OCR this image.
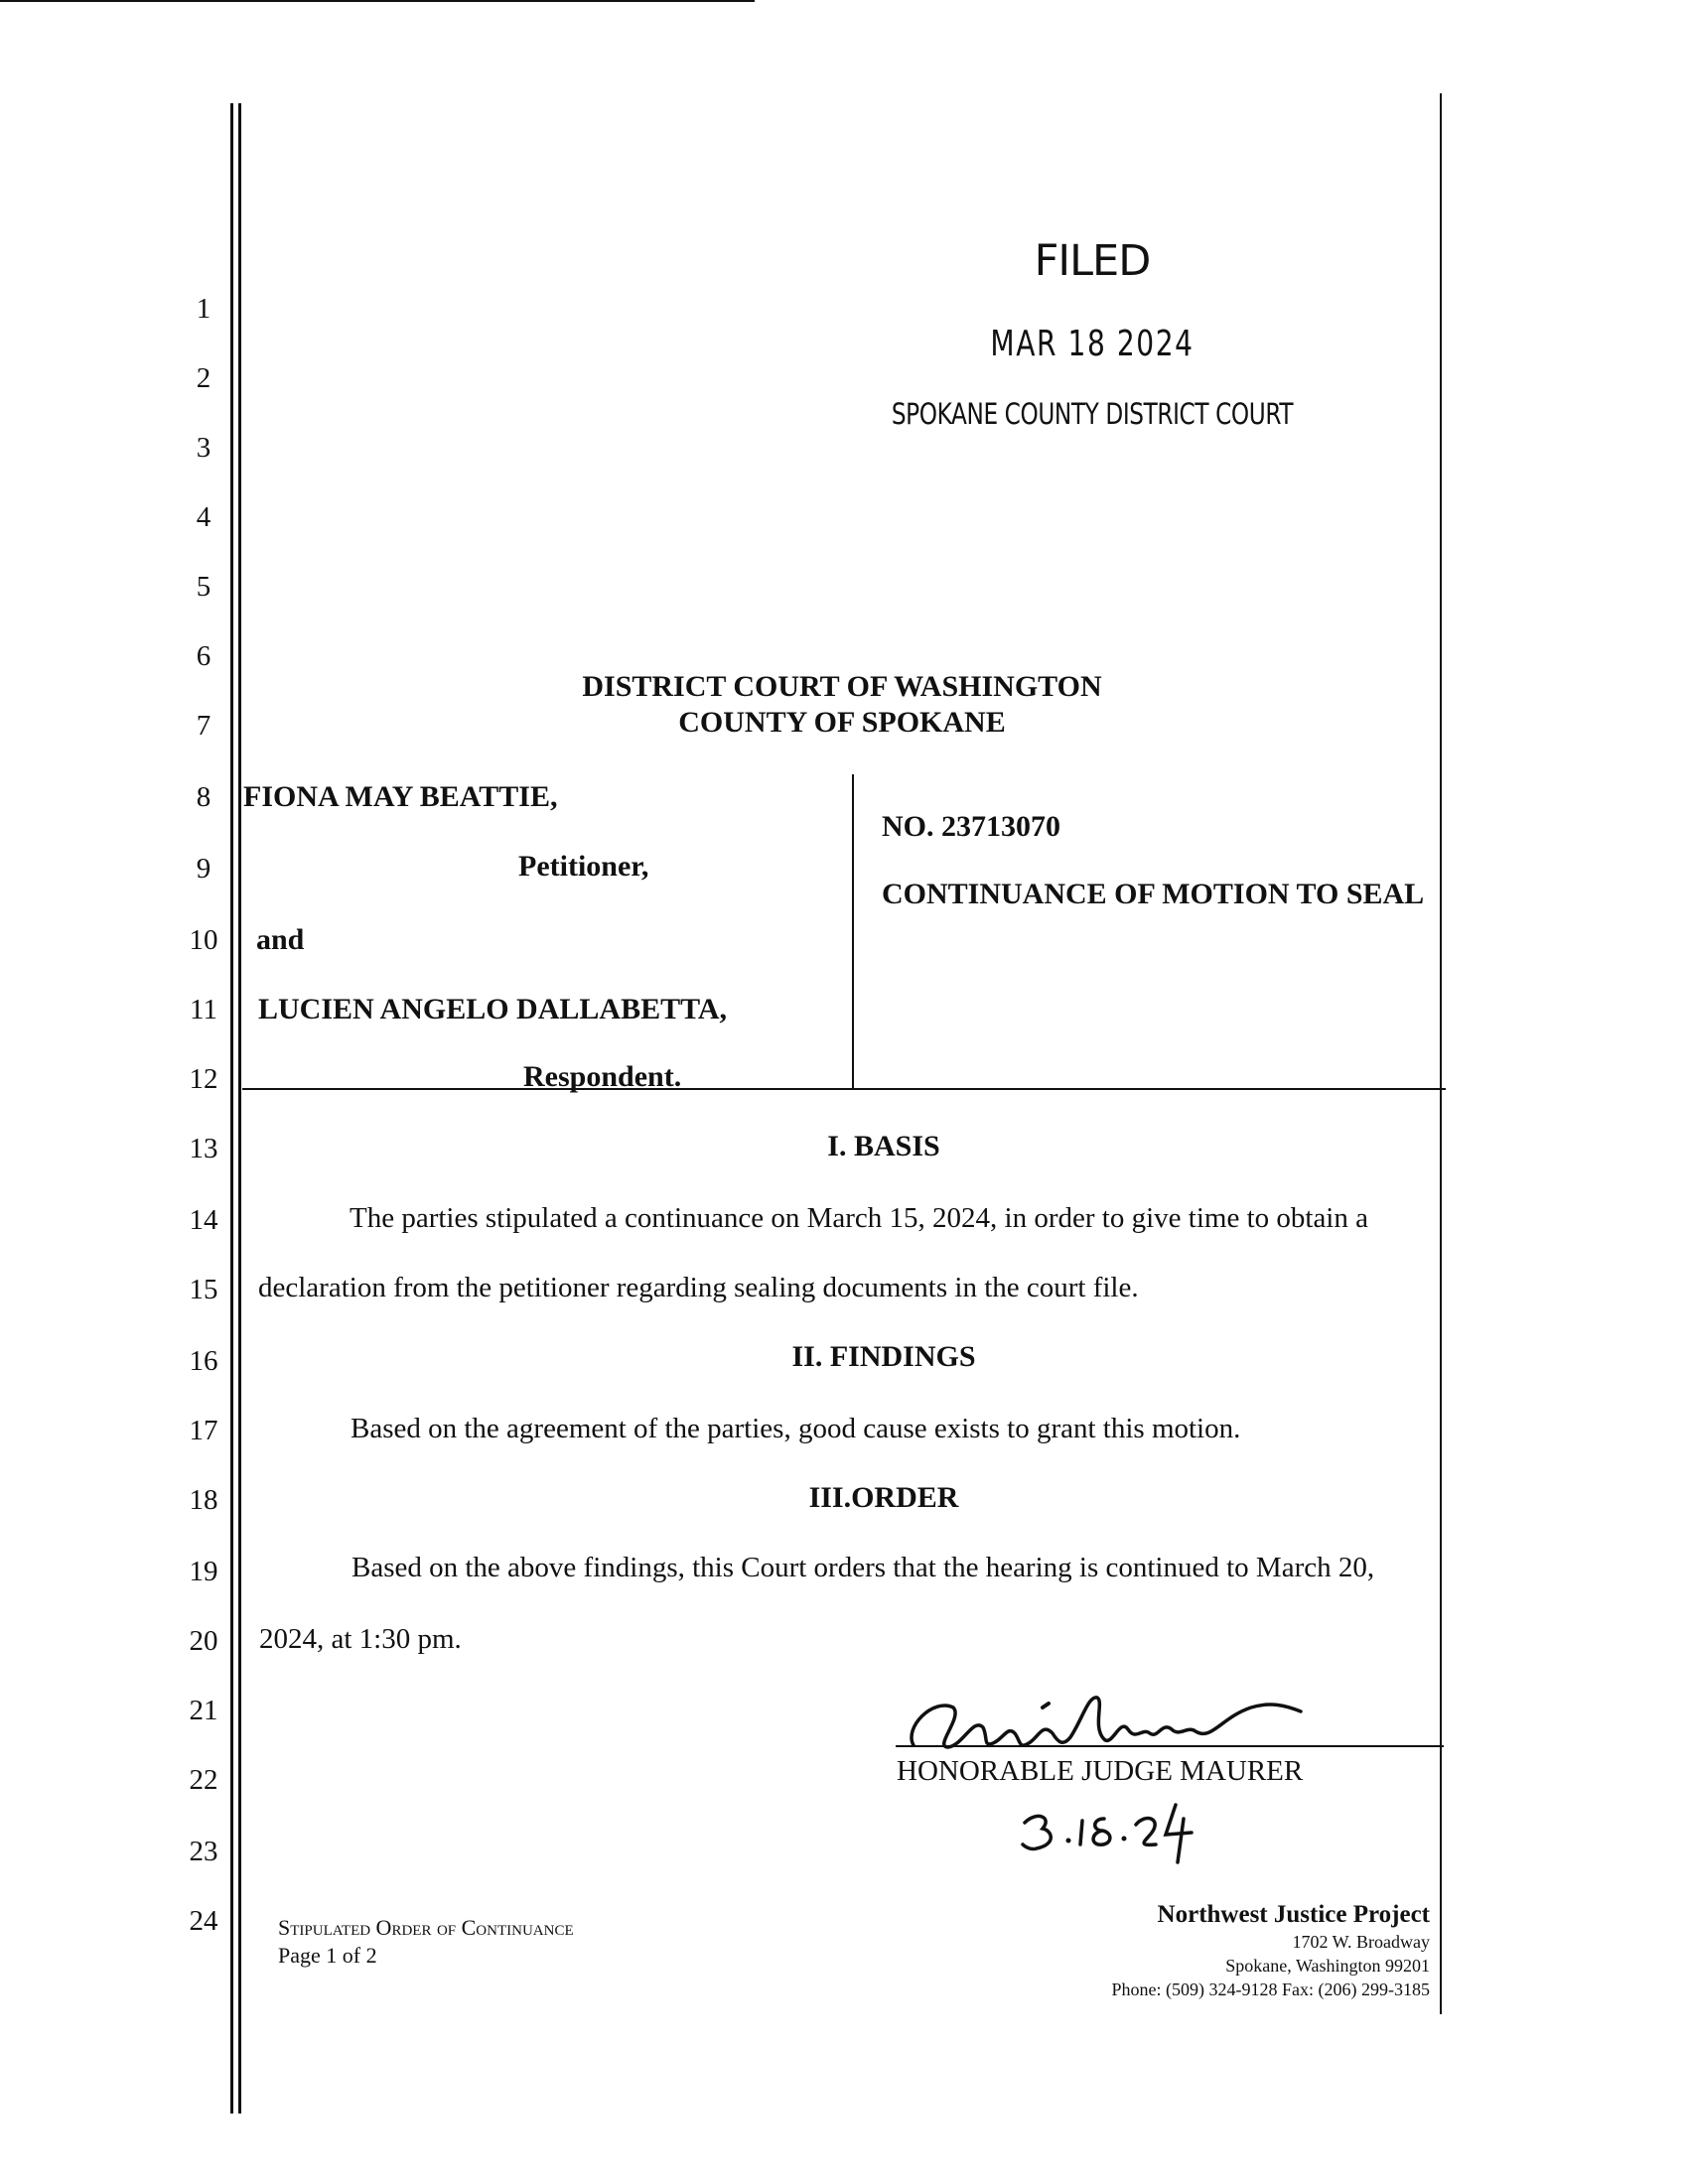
1
2
3
4
5
6
7
8
9
10
11
12
13
14
15
16
17
18
19
20
21
22
23
24
FILED
MAR 18 2024
SPOKANE COUNTY DISTRICT COURT
DISTRICT COURT OF WASHINGTON
COUNTY OF SPOKANE
FIONA MAY BEATTIE,
Petitioner,
and
LUCIEN ANGELO DALLABETTA,
Respondent.
NO. 23713070
CONTINUANCE OF MOTION TO SEAL
I. BASIS
The parties stipulated a continuance on March 15, 2024, in order to give time to obtain a
declaration from the petitioner regarding sealing documents in the court file.
II. FINDINGS
Based on the agreement of the parties, good cause exists to grant this motion.
III.ORDER
Based on the above findings, this Court orders that the hearing is continued to March 20,
2024, at 1:30 pm.
HONORABLE JUDGE MAURER
Stipulated Order of Continuance
Page 1 of 2
Northwest Justice Project
1702 W. Broadway
Spokane, Washington 99201
Phone: (509) 324-9128 Fax: (206) 299-3185
